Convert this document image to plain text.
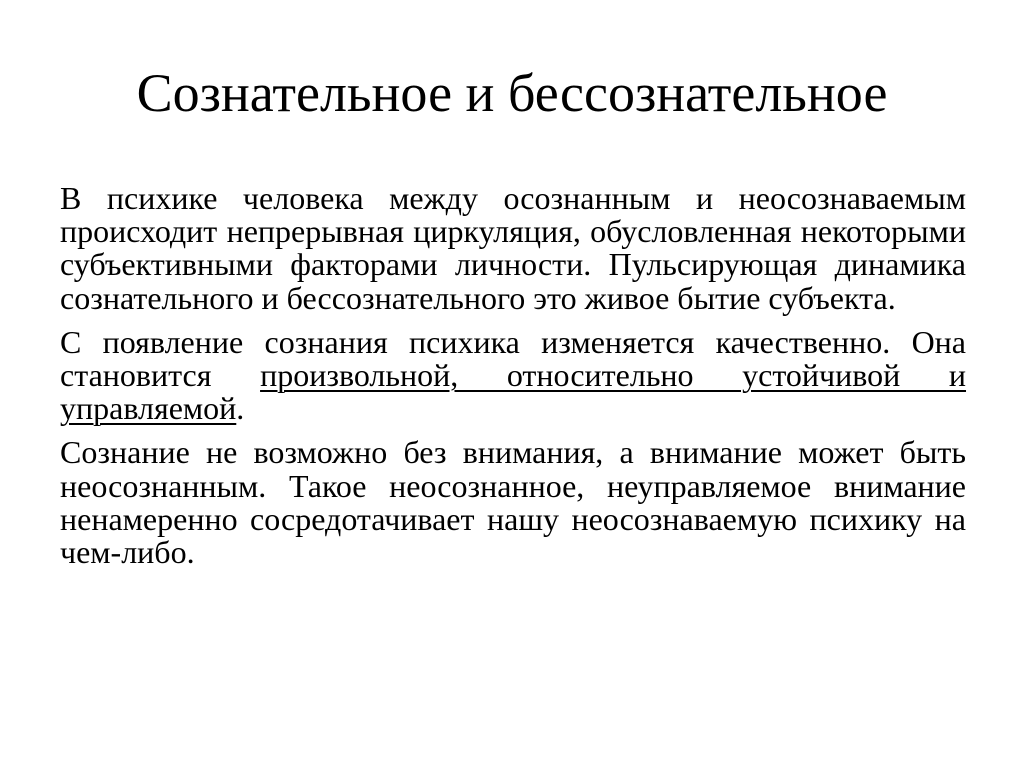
Сознательное и бессознательное

В психике человека между осознанным и неосознаваемым происходит непрерывная циркуляция, обусловленная некоторыми субъективными факторами личности. Пульсирующая динамика сознательного и бессознательного это живое бытие субъекта.

С появление сознания психика изменяется качественно. Она становится произвольной, относительно устойчивой и управляемой.

Сознание не возможно без внимания, а внимание может быть неосознанным. Такое неосознанное, неуправляемое внимание ненамеренно сосредотачивает нашу неосознаваемую психику на чем-либо.
